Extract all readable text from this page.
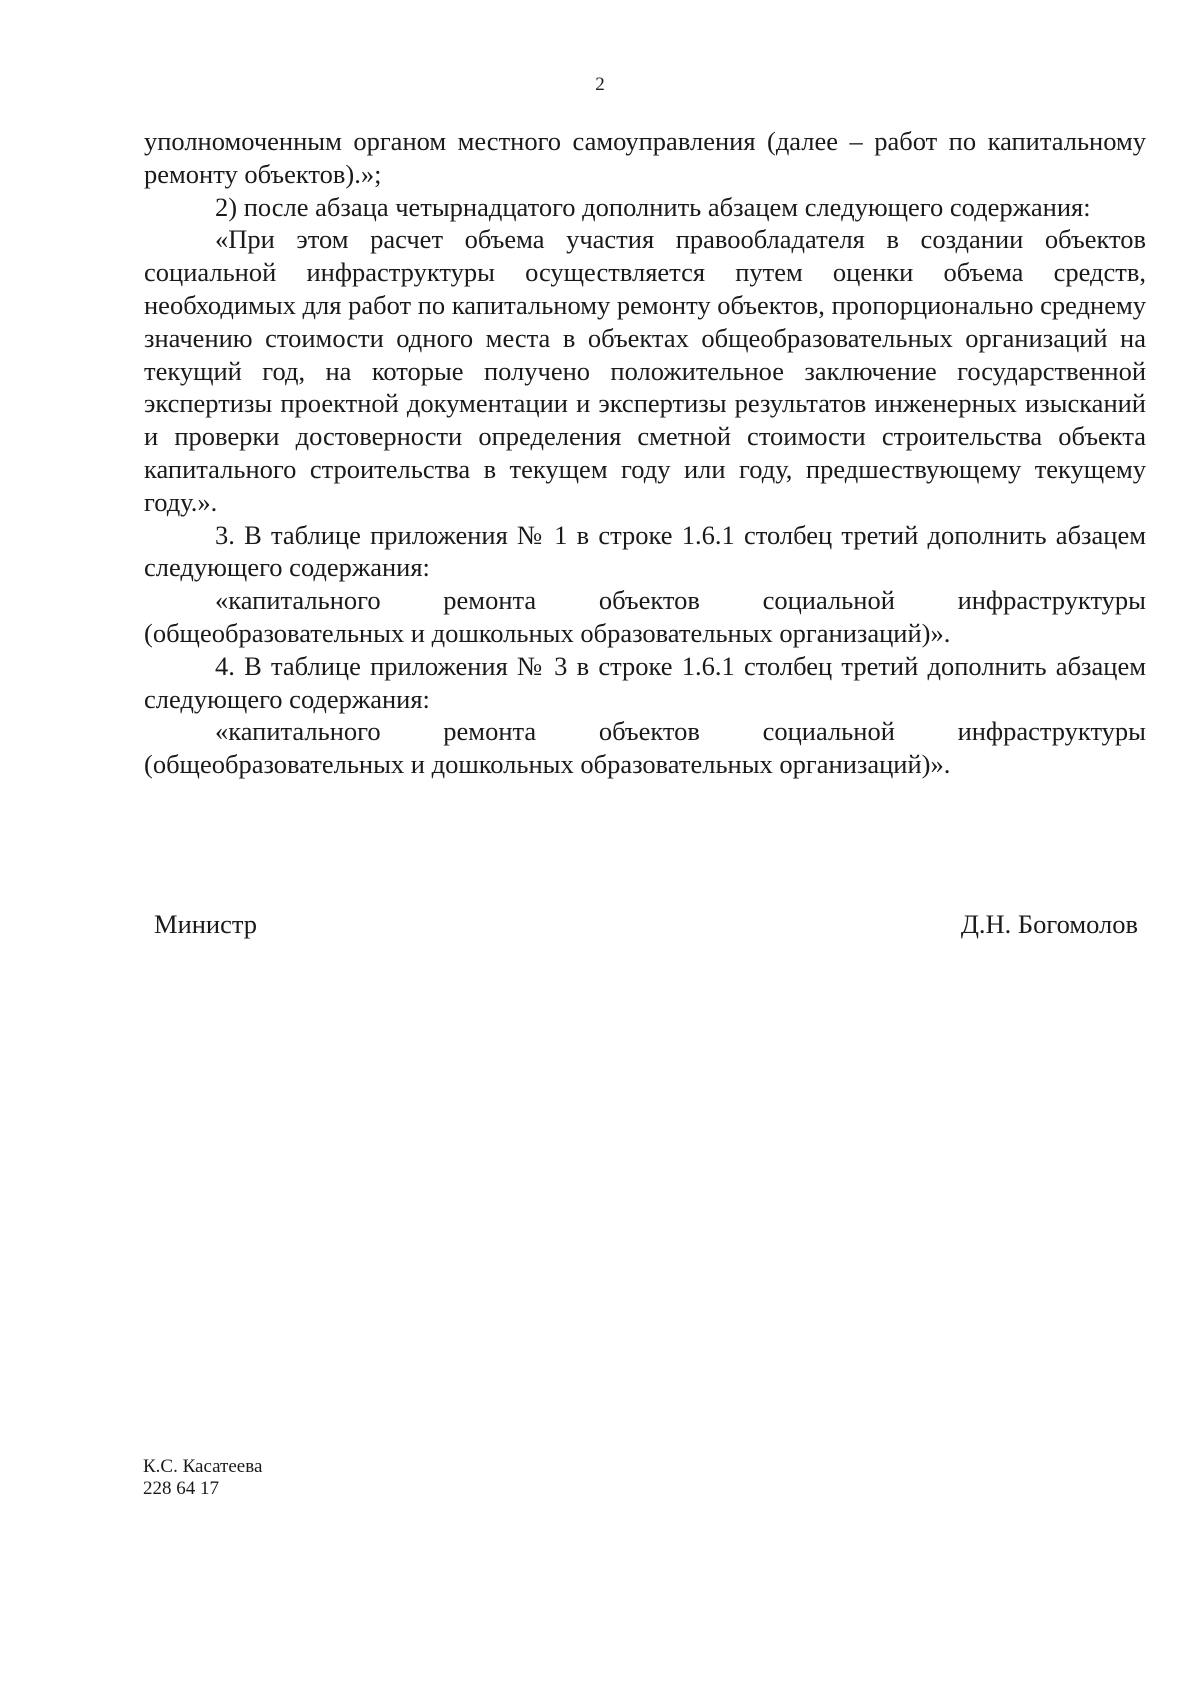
2

уполномоченным органом местного самоуправления (далее – работ по капитальному ремонту объектов).»;

2) после абзаца четырнадцатого дополнить абзацем следующего содержания:

«При этом расчет объема участия правообладателя в создании объектов социальной инфраструктуры осуществляется путем оценки объема средств, необходимых для работ по капитальному ремонту объектов, пропорционально среднему значению стоимости одного места в объектах общеобразовательных организаций на текущий год, на которые получено положительное заключение государственной экспертизы проектной документации и экспертизы результатов инженерных изысканий и проверки достоверности определения сметной стоимости строительства объекта капитального строительства в текущем году или году, предшествующему текущему году.».

3. В таблице приложения № 1 в строке 1.6.1 столбец третий дополнить абзацем следующего содержания:

«капитального ремонта объектов социальной инфраструктуры (общеобразовательных и дошкольных образовательных организаций)».

4. В таблице приложения № 3 в строке 1.6.1 столбец третий дополнить абзацем следующего содержания:

«капитального ремонта объектов социальной инфраструктуры (общеобразовательных и дошкольных образовательных организаций)».

Министр	Д.Н. Богомолов
К.С. Касатеева
228 64 17
